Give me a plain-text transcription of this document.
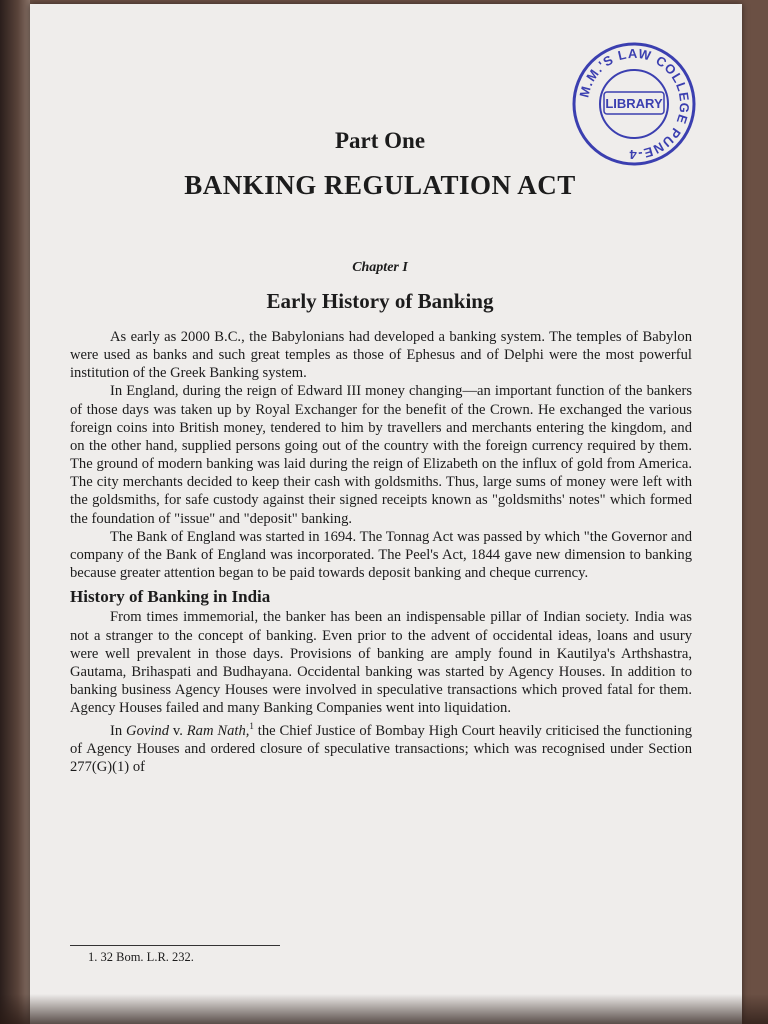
M.M.'S LAW COLLEGE PUNE-4
LIBRARY
Part One
BANKING REGULATION ACT
Chapter I
Early History of Banking

As early as 2000 B.C., the Babylonians had developed a banking system. The temples of Babylon were used as banks and such great temples as those of Ephesus and of Delphi were the most powerful institution of the Greek Banking system.

In England, during the reign of Edward III money changing—an important function of the bankers of those days was taken up by Royal Exchanger for the benefit of the Crown. He exchanged the various foreign coins into British money, tendered to him by travellers and merchants entering the kingdom, and on the other hand, supplied persons going out of the country with the foreign currency required by them. The ground of modern banking was laid during the reign of Elizabeth on the influx of gold from America. The city merchants decided to keep their cash with goldsmiths. Thus, large sums of money were left with the goldsmiths, for safe custody against their signed receipts known as "goldsmiths' notes" which formed the foundation of "issue" and "deposit" banking.

The Bank of England was started in 1694. The Tonnag Act was passed by which "the Governor and company of the Bank of England was incorporated. The Peel's Act, 1844 gave new dimension to banking because greater attention began to be paid towards deposit banking and cheque currency.

History of Banking in India

From times immemorial, the banker has been an indispensable pillar of Indian society. India was not a stranger to the concept of banking. Even prior to the advent of occidental ideas, loans and usury were well prevalent in those days. Provisions of banking are amply found in Kautilya's Arthshastra, Gautama, Brihaspati and Budhayana. Occidental banking was started by Agency Houses. In addition to banking business Agency Houses were involved in speculative transactions which proved fatal for them. Agency Houses failed and many Banking Companies went into liquidation.

In Govind v. Ram Nath,$^1$ the Chief Justice of Bombay High Court heavily criticised the functioning of Agency Houses and ordered closure of speculative transactions; which was recognised under Section 277(G)(1) of

1. 32 Bom. L.R. 232.
